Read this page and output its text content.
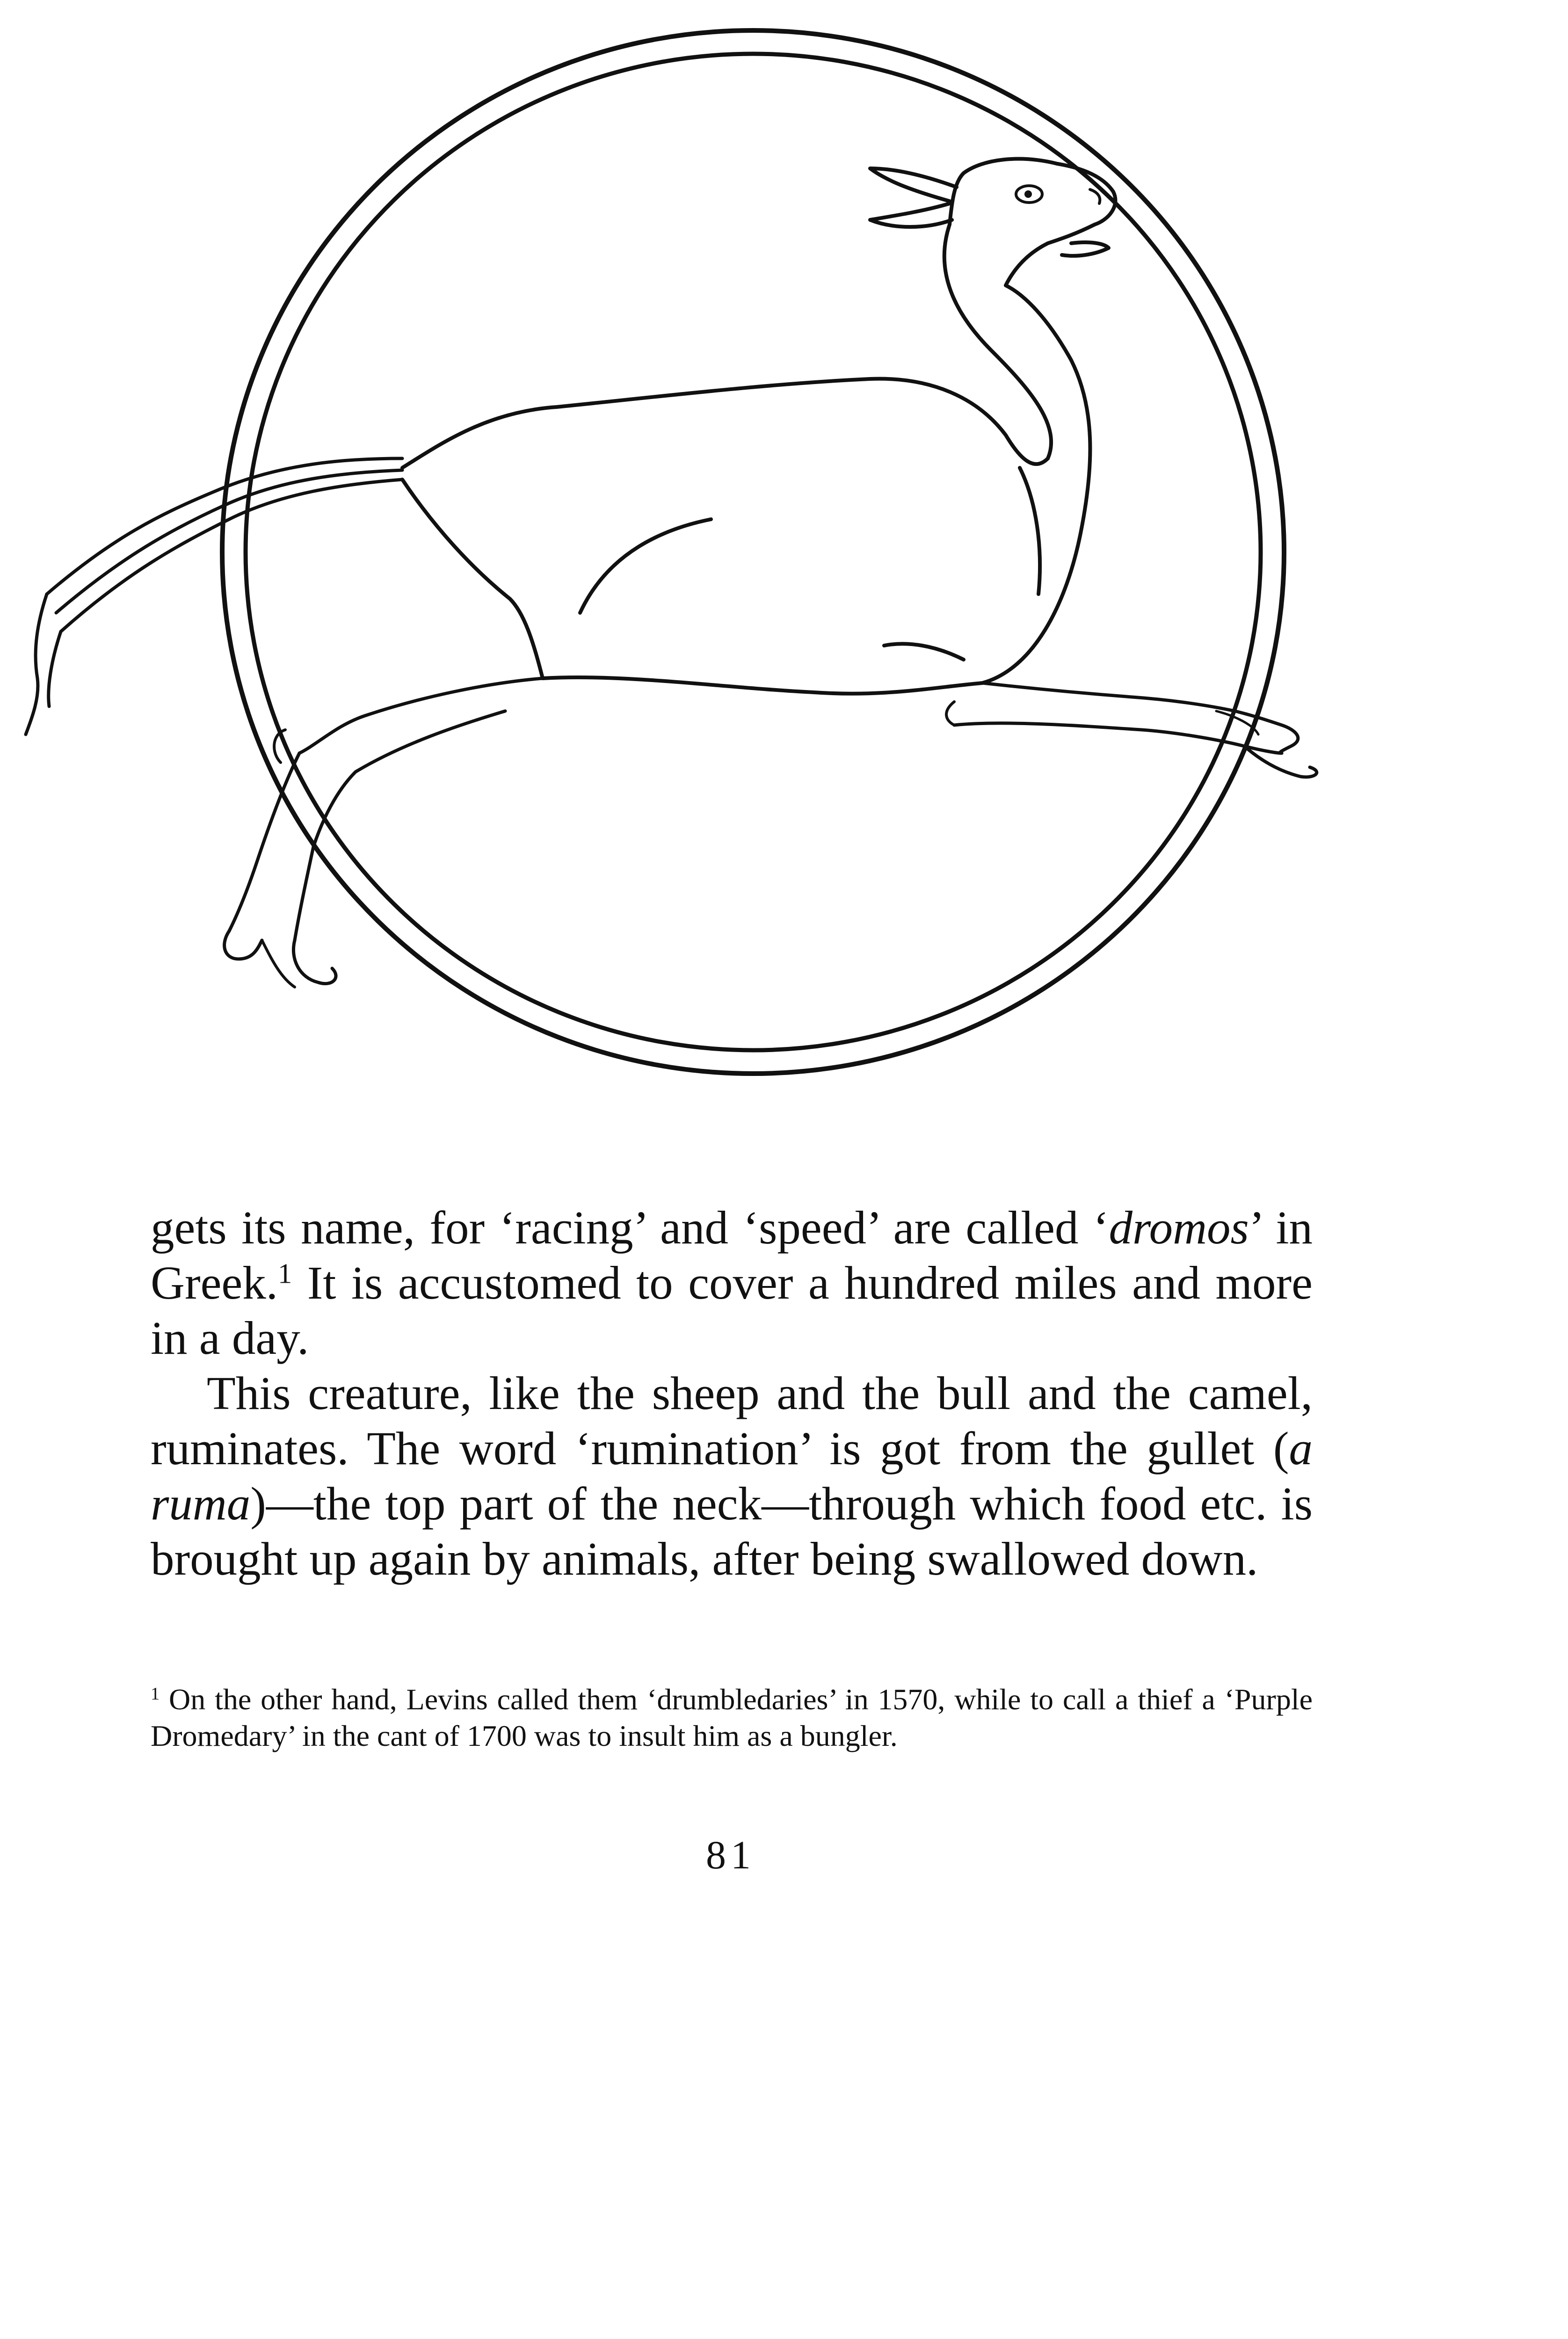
gets its name, for ‘racing’ and ‘speed’ are called ‘dromos’ in Greek.$^1$ It is accustomed to cover a hundred miles and more in a day.

This creature, like the sheep and the bull and the camel, ruminates. The word ‘rumination’ is got from the gullet (a ruma)—the top part of the neck—through which food etc. is brought up again by animals, after being swallowed down.

$^1$ On the other hand, Levins called them ‘drumbledaries’ in 1570, while to call a thief a ‘Purple Dromedary’ in the cant of 1700 was to insult him as a bungler.
81
